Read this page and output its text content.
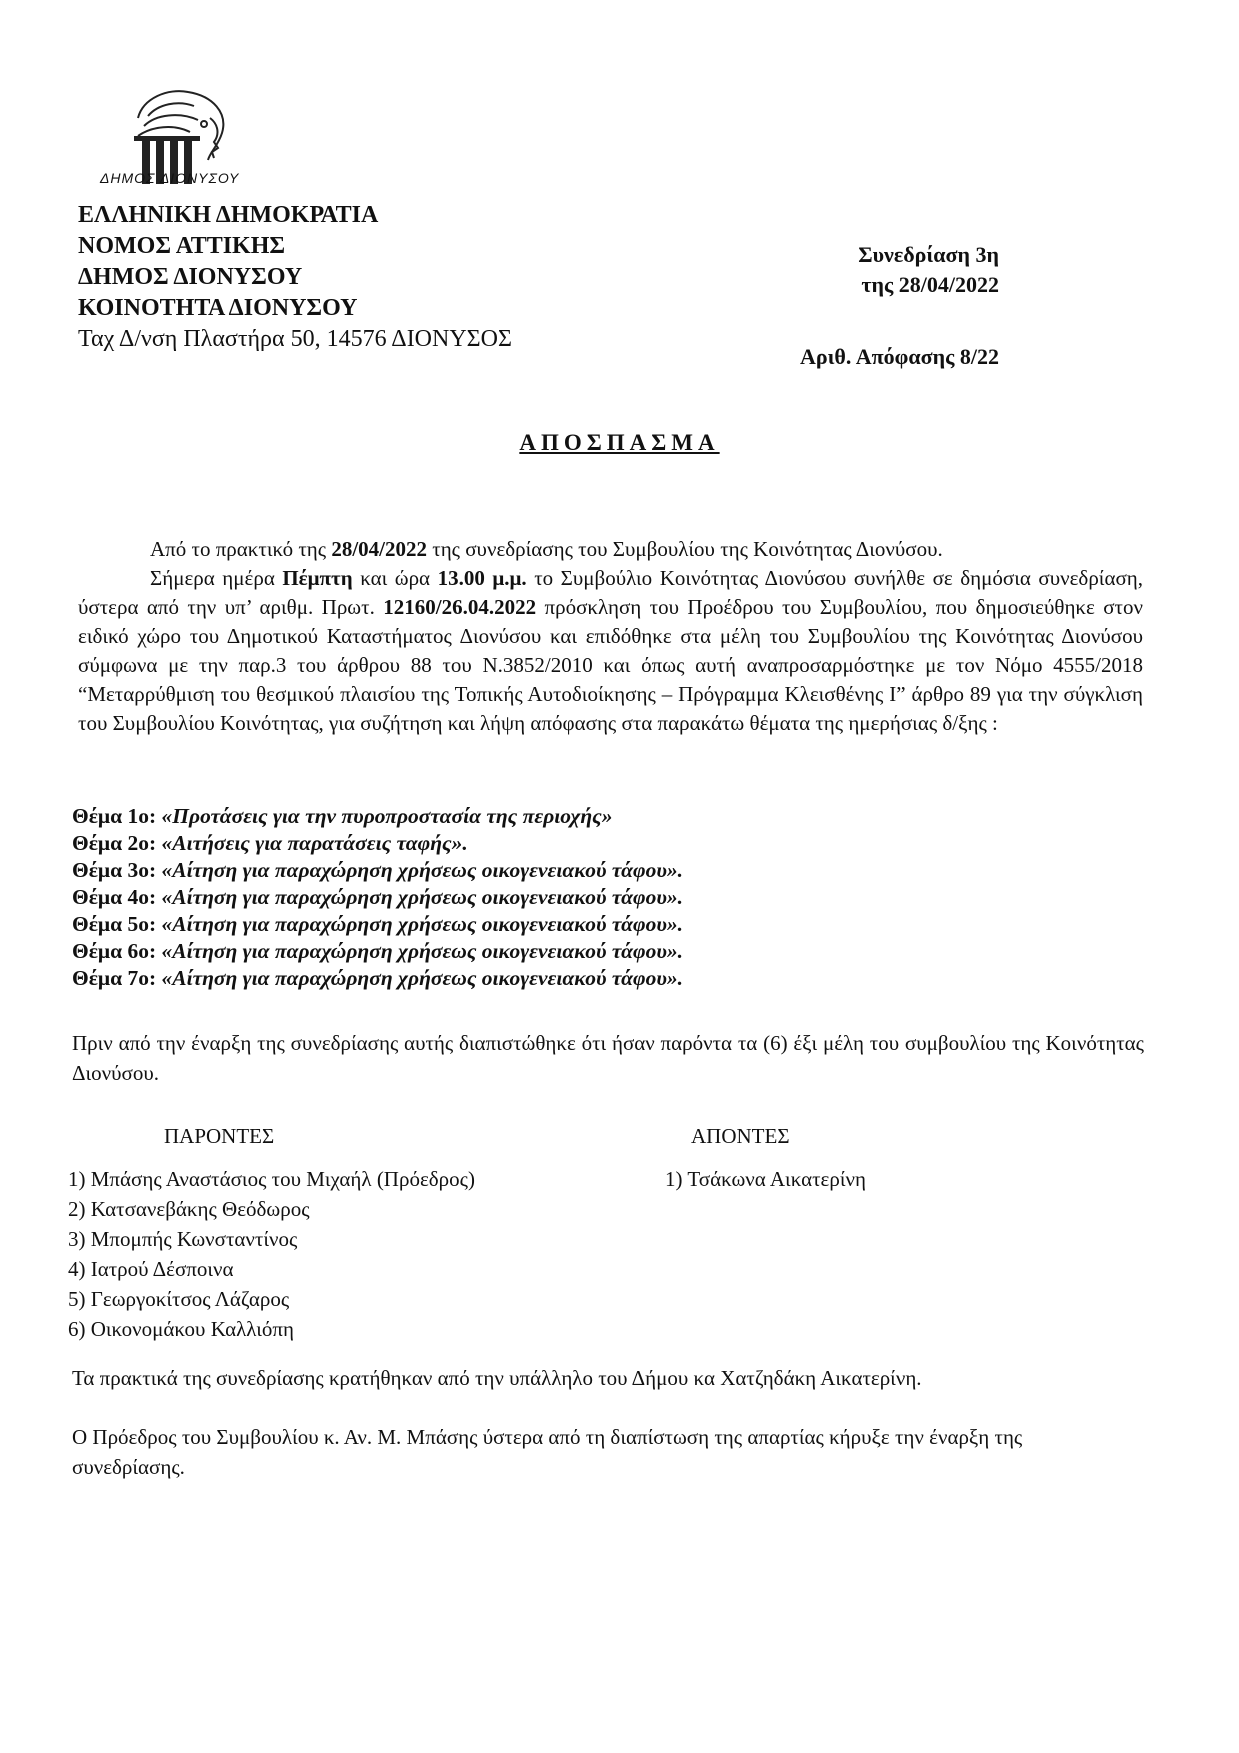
ΔΗΜΟΣ ΔΙΟΝΥΣΟΥ
ΕΛΛΗΝΙΚΗ ΔΗΜΟΚΡΑΤΙΑ
ΝΟΜΟΣ ΑΤΤΙΚΗΣ
ΔΗΜΟΣ ΔΙΟΝΥΣΟΥ
ΚΟΙΝΟΤΗΤΑ ΔΙΟΝΥΣΟΥ
Ταχ Δ/νση Πλαστήρα 50, 14576 ΔΙΟΝΥΣΟΣ
Συνεδρίαση 3η
της 28/04/2022
Αριθ. Απόφασης 8/22
ΑΠΟΣΠΑΣΜΑ

Από το πρακτικό της 28/04/2022 της συνεδρίασης του Συμβουλίου της Κοινότητας Διονύσου.

Σήμερα ημέρα Πέμπτη και ώρα 13.00 μ.μ. το Συμβούλιο Κοινότητας Διονύσου συνήλθε σε δημόσια συνεδρίαση, ύστερα από την υπ’ αριθμ. Πρωτ. 12160/26.04.2022 πρόσκληση του Προέδρου του Συμβουλίου, που δημοσιεύθηκε στον ειδικό χώρο του Δημοτικού Καταστήματος Διονύσου και επιδόθηκε στα μέλη του Συμβουλίου της Κοινότητας Διονύσου σύμφωνα με την παρ.3 του άρθρου 88 του Ν.3852/2010 και όπως αυτή αναπροσαρμόστηκε με τον Νόμο 4555/2018 “Μεταρρύθμιση του θεσμικού πλαισίου της Τοπικής Αυτοδιοίκησης – Πρόγραμμα Κλεισθένης Ι” άρθρο 89 για την σύγκλιση του Συμβουλίου Κοινότητας, για συζήτηση και λήψη απόφασης στα παρακάτω θέματα της ημερήσιας δ/ξης :

Θέμα 1ο: «Προτάσεις για την πυροπροστασία της περιοχής»
Θέμα 2ο: «Αιτήσεις για παρατάσεις ταφής».
Θέμα 3ο: «Αίτηση για παραχώρηση χρήσεως οικογενειακού τάφου».
Θέμα 4ο: «Αίτηση για παραχώρηση χρήσεως οικογενειακού τάφου».
Θέμα 5ο: «Αίτηση για παραχώρηση χρήσεως οικογενειακού τάφου».
Θέμα 6ο: «Αίτηση για παραχώρηση χρήσεως οικογενειακού τάφου».
Θέμα 7ο: «Αίτηση για παραχώρηση χρήσεως οικογενειακού τάφου».
Πριν από την έναρξη της συνεδρίασης αυτής διαπιστώθηκε ότι ήσαν παρόντα τα (6) έξι μέλη του συμβουλίου της Κοινότητας Διονύσου.
ΠΑΡΟΝΤΕΣ	ΑΠΟΝΤΕΣ
1) Μπάσης Αναστάσιος του Μιχαήλ (Πρόεδρος)
2) Κατσανεβάκης Θεόδωρος
3) Μπομπής Κωνσταντίνος
4) Ιατρού Δέσποινα
5) Γεωργοκίτσος Λάζαρος
6) Οικονομάκου Καλλιόπη
1) Τσάκωνα Αικατερίνη
Τα πρακτικά της συνεδρίασης κρατήθηκαν από την υπάλληλο του Δήμου κα Χατζηδάκη Αικατερίνη.
Ο Πρόεδρος του Συμβουλίου κ. Αν. Μ. Μπάσης ύστερα από τη διαπίστωση της απαρτίας κήρυξε την έναρξη της συνεδρίασης.
